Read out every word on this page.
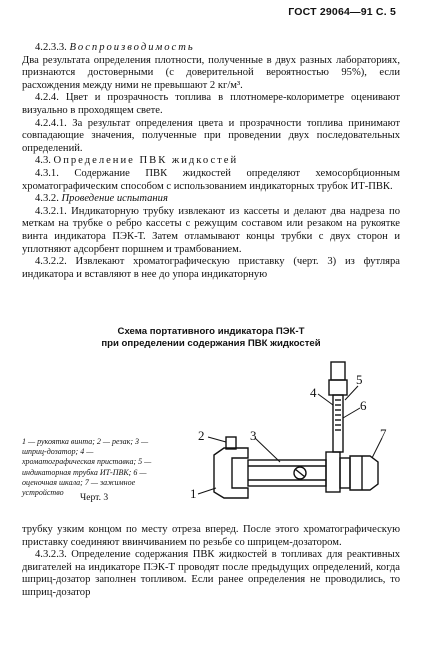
ГОСТ 29064—91 С. 5

4.2.3.3. Воспроизводимость

Два результата определения плотности, полученные в двух разных лабораториях, признаются достоверными (с доверительной вероятностью 95%), если расхождения между ними не превышают 2 кг/м³.

4.2.4. Цвет и прозрачность топлива в плотномере-колориметре оценивают визуально в проходящем свете.

4.2.4.1. За результат определения цвета и прозрачности топлива принимают совпадающие значения, полученные при проведении двух последовательных определений.

4.3. Определение ПВК жидкостей

4.3.1. Содержание ПВК жидкостей определяют хемосорбционным хроматографическим способом с использованием индикаторных трубок ИТ-ПВК.

4.3.2. Проведение испытания

4.3.2.1. Индикаторную трубку извлекают из кассеты и делают два надреза по меткам на трубке о ребро кассеты с режущим составом или резаком на рукоятке винта индикатора ПЭК-Т. Затем отламывают концы трубки с двух сторон и уплотняют адсорбент поршнем и трамбованием.

4.3.2.2. Извлекают хроматографическую приставку (черт. 3) из футляра индикатора и вставляют в нее до упора индикаторную

Схема портативного индикатора ПЭК-Т
при определении содержания ПВК жидкостей
1
2	3
4
5
6
7
1 — рукоятка винта; 2 — резак; 3 — шприц-дозатор; 4 — хроматографическая приставка; 5 — индикаторная трубка ИТ-ПВК; 6 — оценочная шкала; 7 — зажимное устройство	Черт. 3

трубку узким концом по месту отреза вперед. После этого хроматографическую приставку соединяют ввинчиванием по резьбе со шприцем-дозатором.

4.3.2.3. Определение содержания ПВК жидкостей в топливах для реактивных двигателей на индикаторе ПЭК-Т проводят после предыдущих определений, когда шприц-дозатор заполнен топливом. Если ранее определения не проводились, то шприц-дозатор
